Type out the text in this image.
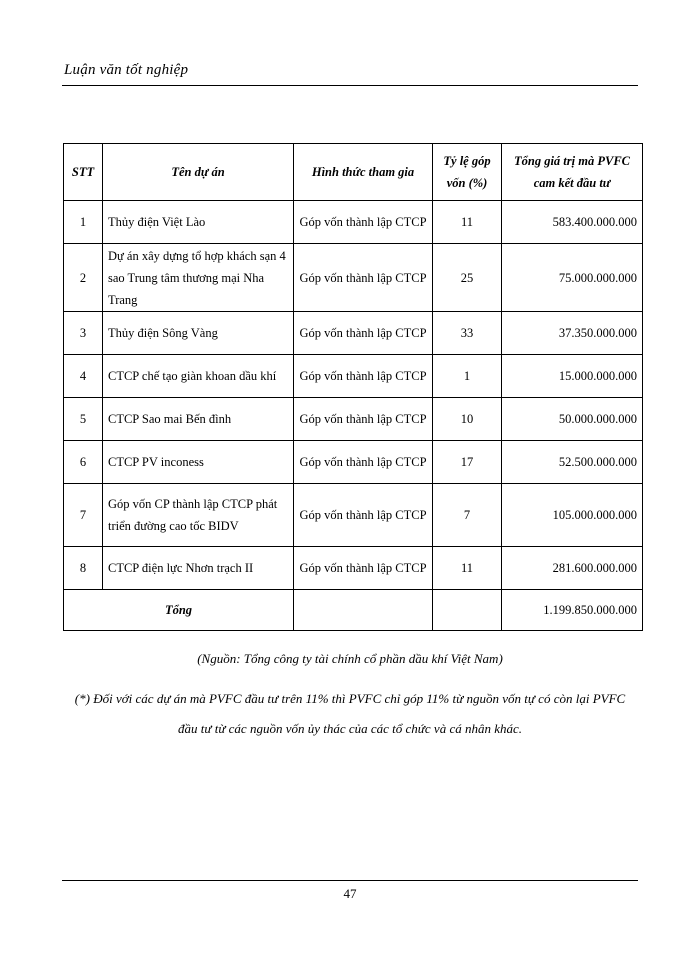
Luận văn tốt nghiệp
STT	Tên dự án	Hình thức tham gia	Tỷ lệ góp vốn (%)	Tổng giá trị mà PVFC cam kết đầu tư
1	Thủy điện Việt Lào	Góp vốn thành lập CTCP	11	583.400.000.000
2	Dự án xây dựng tổ hợp khách sạn 4 sao Trung tâm thương mại Nha Trang	Góp vốn thành lập CTCP	25	75.000.000.000
3	Thủy điện Sông Vàng	Góp vốn thành lập CTCP	33	37.350.000.000
4	CTCP chế tạo giàn khoan dầu khí	Góp vốn thành lập CTCP	1	15.000.000.000
5	CTCP Sao mai Bến đình	Góp vốn thành lập CTCP	10	50.000.000.000
6	CTCP PV inconess	Góp vốn thành lập CTCP	17	52.500.000.000
7	Góp vốn CP thành lập CTCP phát triển đường cao tốc BIDV	Góp vốn thành lập CTCP	7	105.000.000.000
8	CTCP điện lực Nhơn trạch II	Góp vốn thành lập CTCP	11	281.600.000.000
Tổng				1.199.850.000.000
(Nguồn: Tổng công ty tài chính cổ phần dầu khí Việt Nam)
(*) Đối với các dự án mà PVFC đầu tư trên 11% thì PVFC chỉ góp 11% từ nguồn vốn tự có còn lại PVFC đầu tư từ các nguồn vốn ủy thác của các tổ chức và cá nhân khác.
47
